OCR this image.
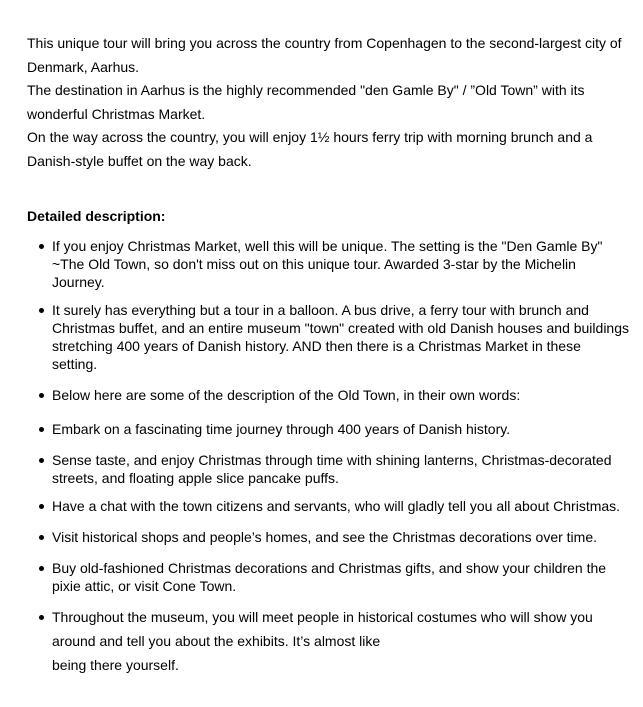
This unique tour will bring you across the country from Copenhagen to the second-largest city of Denmark, Aarhus.
The destination in Aarhus is the highly recommended "den Gamle By" / ”Old Town” with its wonderful Christmas Market.
On the way across the country, you will enjoy 1½ hours ferry trip with morning brunch and a Danish-style buffet on the way back.

Detailed description:
If you enjoy Christmas Market, well this will be unique. The setting is the "Den Gamle By" ~The Old Town, so don't miss out on this unique tour. Awarded 3-star by the Michelin Journey.
It surely has everything but a tour in a balloon. A bus drive, a ferry tour with brunch and Christmas buffet, and an entire museum "town" created with old Danish houses and buildings stretching 400 years of Danish history. AND then there is a Christmas Market in these setting.
Below here are some of the description of the Old Town, in their own words:
Embark on a fascinating time journey through 400 years of Danish history.
Sense taste, and enjoy Christmas through time with shining lanterns, Christmas-decorated streets, and floating apple slice pancake puffs.
Have a chat with the town citizens and servants, who will gladly tell you all about Christmas.
Visit historical shops and people’s homes, and see the Christmas decorations over time.
Buy old-fashioned Christmas decorations and Christmas gifts, and show your children the pixie attic, or visit Cone Town.
Throughout the museum, you will meet people in historical costumes who will show you around and tell you about the exhibits. It’s almost like
being there yourself.
